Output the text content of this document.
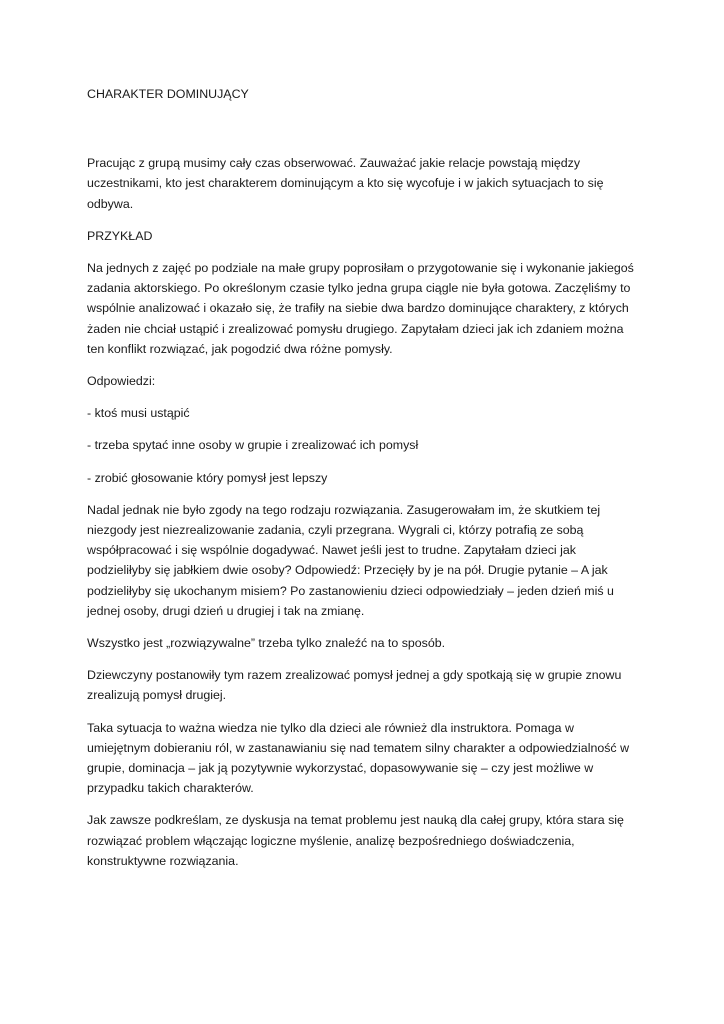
CHARAKTER DOMINUJĄCY

Pracując z grupą musimy cały czas obserwować. Zauważać jakie relacje powstają między uczestnikami, kto jest charakterem dominującym a kto się wycofuje i w jakich sytuacjach to się odbywa.

PRZYKŁAD

Na jednych z zajęć po podziale na małe grupy poprosiłam o przygotowanie się i wykonanie jakiegoś zadania aktorskiego. Po określonym czasie tylko jedna grupa ciągle nie była gotowa. Zaczęliśmy to wspólnie analizować i okazało się, że trafiły na siebie dwa bardzo dominujące charaktery, z których żaden nie chciał ustąpić i zrealizować pomysłu drugiego. Zapytałam dzieci jak ich zdaniem można ten konflikt rozwiązać, jak pogodzić dwa różne pomysły.

Odpowiedzi:

- ktoś musi ustąpić

- trzeba spytać inne osoby w grupie i zrealizować ich pomysł

- zrobić głosowanie który pomysł jest lepszy

Nadal jednak nie było zgody na tego rodzaju rozwiązania. Zasugerowałam im, że skutkiem tej niezgody jest niezrealizowanie zadania, czyli przegrana. Wygrali ci, którzy potrafią ze sobą współpracować i się wspólnie dogadywać. Nawet jeśli jest to trudne. Zapytałam dzieci jak podzieliłyby się jabłkiem dwie osoby? Odpowiedź: Przecięły by je na pół. Drugie pytanie – A jak podzieliłyby się ukochanym misiem? Po zastanowieniu dzieci odpowiedziały – jeden dzień miś u jednej osoby, drugi dzień u drugiej i tak na zmianę.

Wszystko jest „rozwiązywalne” trzeba tylko znaleźć na to sposób.

Dziewczyny postanowiły tym razem zrealizować pomysł jednej a gdy spotkają się w grupie znowu zrealizują pomysł drugiej.

Taka sytuacja to ważna wiedza nie tylko dla dzieci ale również dla instruktora. Pomaga w umiejętnym dobieraniu ról, w zastanawianiu się nad tematem silny charakter a odpowiedzialność w grupie, dominacja – jak ją pozytywnie wykorzystać, dopasowywanie się – czy jest możliwe w przypadku takich charakterów.

Jak zawsze podkreślam, ze dyskusja na temat problemu jest nauką dla całej grupy, która stara się rozwiązać problem włączając logiczne myślenie, analizę bezpośredniego doświadczenia, konstruktywne rozwiązania.
